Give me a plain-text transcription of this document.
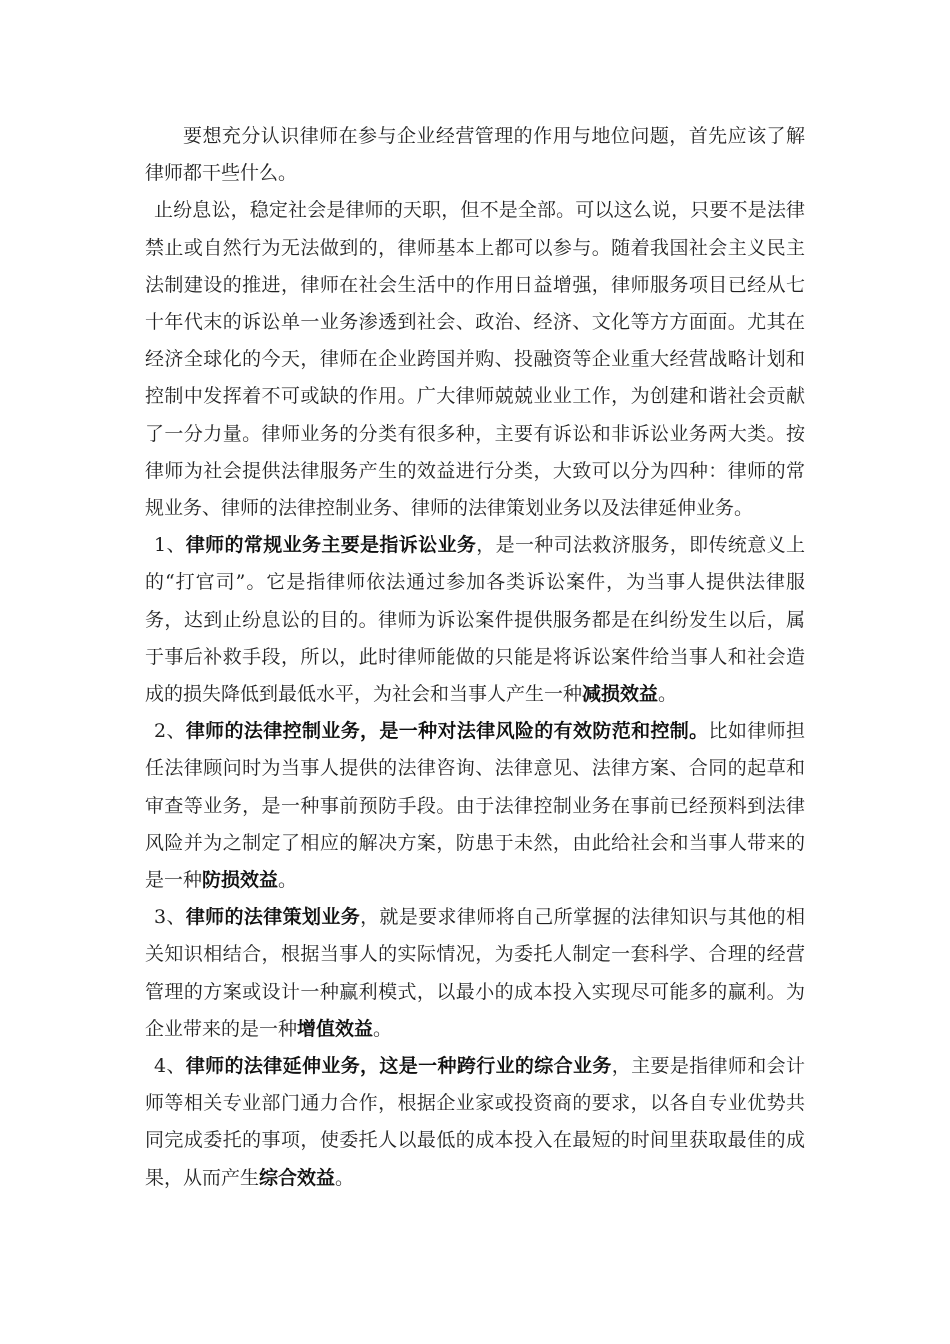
要想充分认识律师在参与企业经营管理的作用与地位问题，首先应该了解律师都干些什么。

止纷息讼，稳定社会是律师的天职，但不是全部。可以这么说，只要不是法律禁止或自然行为无法做到的，律师基本上都可以参与。随着我国社会主义民主法制建设的推进，律师在社会生活中的作用日益增强，律师服务项目已经从七十年代末的诉讼单一业务渗透到社会、政治、经济、文化等方方面面。尤其在经济全球化的今天，律师在企业跨国并购、投融资等企业重大经营战略计划和控制中发挥着不可或缺的作用。广大律师兢兢业业工作，为创建和谐社会贡献了一分力量。律师业务的分类有很多种，主要有诉讼和非诉讼业务两大类。按律师为社会提供法律服务产生的效益进行分类，大致可以分为四种：律师的常规业务、律师的法律控制业务、律师的法律策划业务以及法律延伸业务。

1、律师的常规业务主要是指诉讼业务，是一种司法救济服务，即传统意义上的“打官司”。它是指律师依法通过参加各类诉讼案件，为当事人提供法律服务，达到止纷息讼的目的。律师为诉讼案件提供服务都是在纠纷发生以后，属于事后补救手段，所以，此时律师能做的只能是将诉讼案件给当事人和社会造成的损失降低到最低水平，为社会和当事人产生一种减损效益。

2、律师的法律控制业务，是一种对法律风险的有效防范和控制。比如律师担任法律顾问时为当事人提供的法律咨询、法律意见、法律方案、合同的起草和审查等业务，是一种事前预防手段。由于法律控制业务在事前已经预料到法律风险并为之制定了相应的解决方案，防患于未然，由此给社会和当事人带来的是一种防损效益。

3、律师的法律策划业务，就是要求律师将自己所掌握的法律知识与其他的相关知识相结合，根据当事人的实际情况，为委托人制定一套科学、合理的经营管理的方案或设计一种赢利模式，以最小的成本投入实现尽可能多的赢利。为企业带来的是一种增值效益。

4、律师的法律延伸业务，这是一种跨行业的综合业务，主要是指律师和会计师等相关专业部门通力合作，根据企业家或投资商的要求，以各自专业优势共同完成委托的事项，使委托人以最低的成本投入在最短的时间里获取最佳的成果，从而产生综合效益。
